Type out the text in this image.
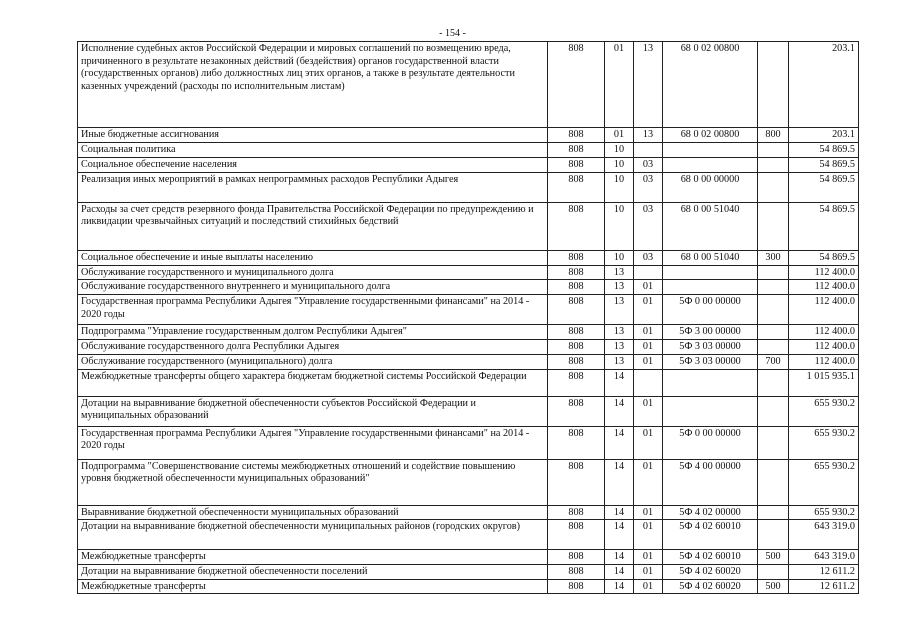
- 154 -
Исполнение судебных актов Российской Федерации и мировых соглашений по возмещению вреда, причиненного в результате незаконных действий (бездействия) органов государственной власти (государственных органов) либо должностных лиц этих органов, а также в результате деятельности казенных учреждений (расходы по исполнительным листам)	808	01	13	68 0 02 00800		203.1
Иные бюджетные ассигнования	808	01	13	68 0 02 00800	800	203.1
Социальная политика	808	10				54 869.5
Социальное обеспечение населения	808	10	03			54 869.5
Реализация иных мероприятий в рамках непрограммных расходов Республики Адыгея	808	10	03	68 0 00 00000		54 869.5
Расходы за счет средств резервного фонда Правительства Российской Федерации по предупреждению и ликвидации чрезвычайных ситуаций и последствий стихийных бедствий	808	10	03	68 0 00 51040		54 869.5
Социальное обеспечение и иные выплаты населению	808	10	03	68 0 00 51040	300	54 869.5
Обслуживание государственного и муниципального долга	808	13				112 400.0
Обслуживание государственного внутреннего и муниципального долга	808	13	01			112 400.0
Государственная программа Республики Адыгея "Управление государственными финансами" на 2014 - 2020 годы	808	13	01	5Ф 0 00 00000		112 400.0
Подпрограмма "Управление государственным долгом Республики Адыгея"	808	13	01	5Ф 3 00 00000		112 400.0
Обслуживание государственного долга Республики Адыгея	808	13	01	5Ф 3 03 00000		112 400.0
Обслуживание государственного (муниципального) долга	808	13	01	5Ф 3 03 00000	700	112 400.0
Межбюджетные трансферты общего характера бюджетам бюджетной системы Российской Федерации	808	14				1 015 935.1
Дотации на выравнивание бюджетной обеспеченности субъектов Российской Федерации и муниципальных образований	808	14	01			655 930.2
Государственная программа Республики Адыгея "Управление государственными финансами" на 2014 - 2020 годы	808	14	01	5Ф 0 00 00000		655 930.2
Подпрограмма "Совершенствование системы межбюджетных отношений и содействие повышению уровня бюджетной обеспеченности муниципальных образований"	808	14	01	5Ф 4 00 00000		655 930.2
Выравнивание бюджетной обеспеченности муниципальных образований	808	14	01	5Ф 4 02 00000		655 930.2
Дотации на выравнивание бюджетной обеспеченности муниципальных районов (городских округов)	808	14	01	5Ф 4 02 60010		643 319.0
Межбюджетные трансферты	808	14	01	5Ф 4 02 60010	500	643 319.0
Дотации на выравнивание бюджетной обеспеченности поселений	808	14	01	5Ф 4 02 60020		12 611.2
Межбюджетные трансферты	808	14	01	5Ф 4 02 60020	500	12 611.2
